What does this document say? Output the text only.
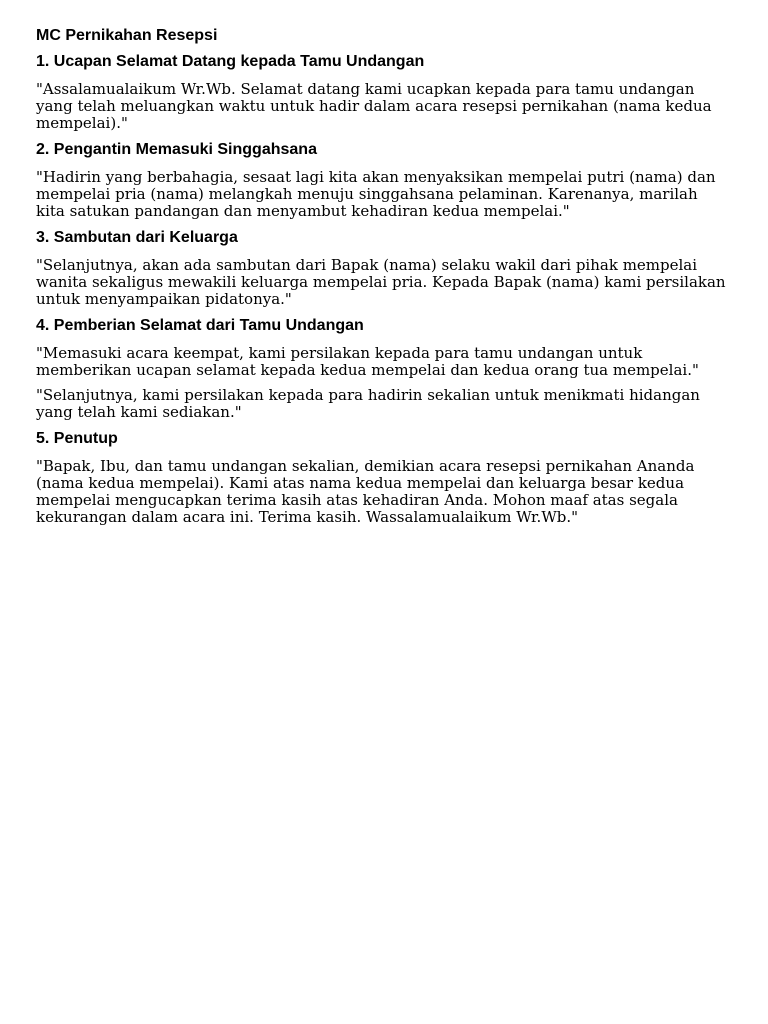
MC Pernikahan Resepsi
1. Ucapan Selamat Datang kepada Tamu Undangan

"Assalamualaikum Wr.Wb. Selamat datang kami ucapkan kepada para tamu undangan yang telah meluangkan waktu untuk hadir dalam acara resepsi pernikahan (nama kedua mempelai)."

2. Pengantin Memasuki Singgahsana

"Hadirin yang berbahagia, sesaat lagi kita akan menyaksikan mempelai putri (nama) dan mempelai pria (nama) melangkah menuju singgahsana pelaminan. Karenanya, marilah kita satukan pandangan dan menyambut kehadiran kedua mempelai."

3. Sambutan dari Keluarga

"Selanjutnya, akan ada sambutan dari Bapak (nama) selaku wakil dari pihak mempelai wanita sekaligus mewakili keluarga mempelai pria. Kepada Bapak (nama) kami persilakan untuk menyampaikan pidatonya."

4. Pemberian Selamat dari Tamu Undangan

"Memasuki acara keempat, kami persilakan kepada para tamu undangan untuk memberikan ucapan selamat kepada kedua mempelai dan kedua orang tua mempelai."

"Selanjutnya, kami persilakan kepada para hadirin sekalian untuk menikmati hidangan yang telah kami sediakan."

5. Penutup

"Bapak, Ibu, dan tamu undangan sekalian, demikian acara resepsi pernikahan Ananda (nama kedua mempelai). Kami atas nama kedua mempelai dan keluarga besar kedua mempelai mengucapkan terima kasih atas kehadiran Anda. Mohon maaf atas segala kekurangan dalam acara ini. Terima kasih. Wassalamualaikum Wr.Wb."
